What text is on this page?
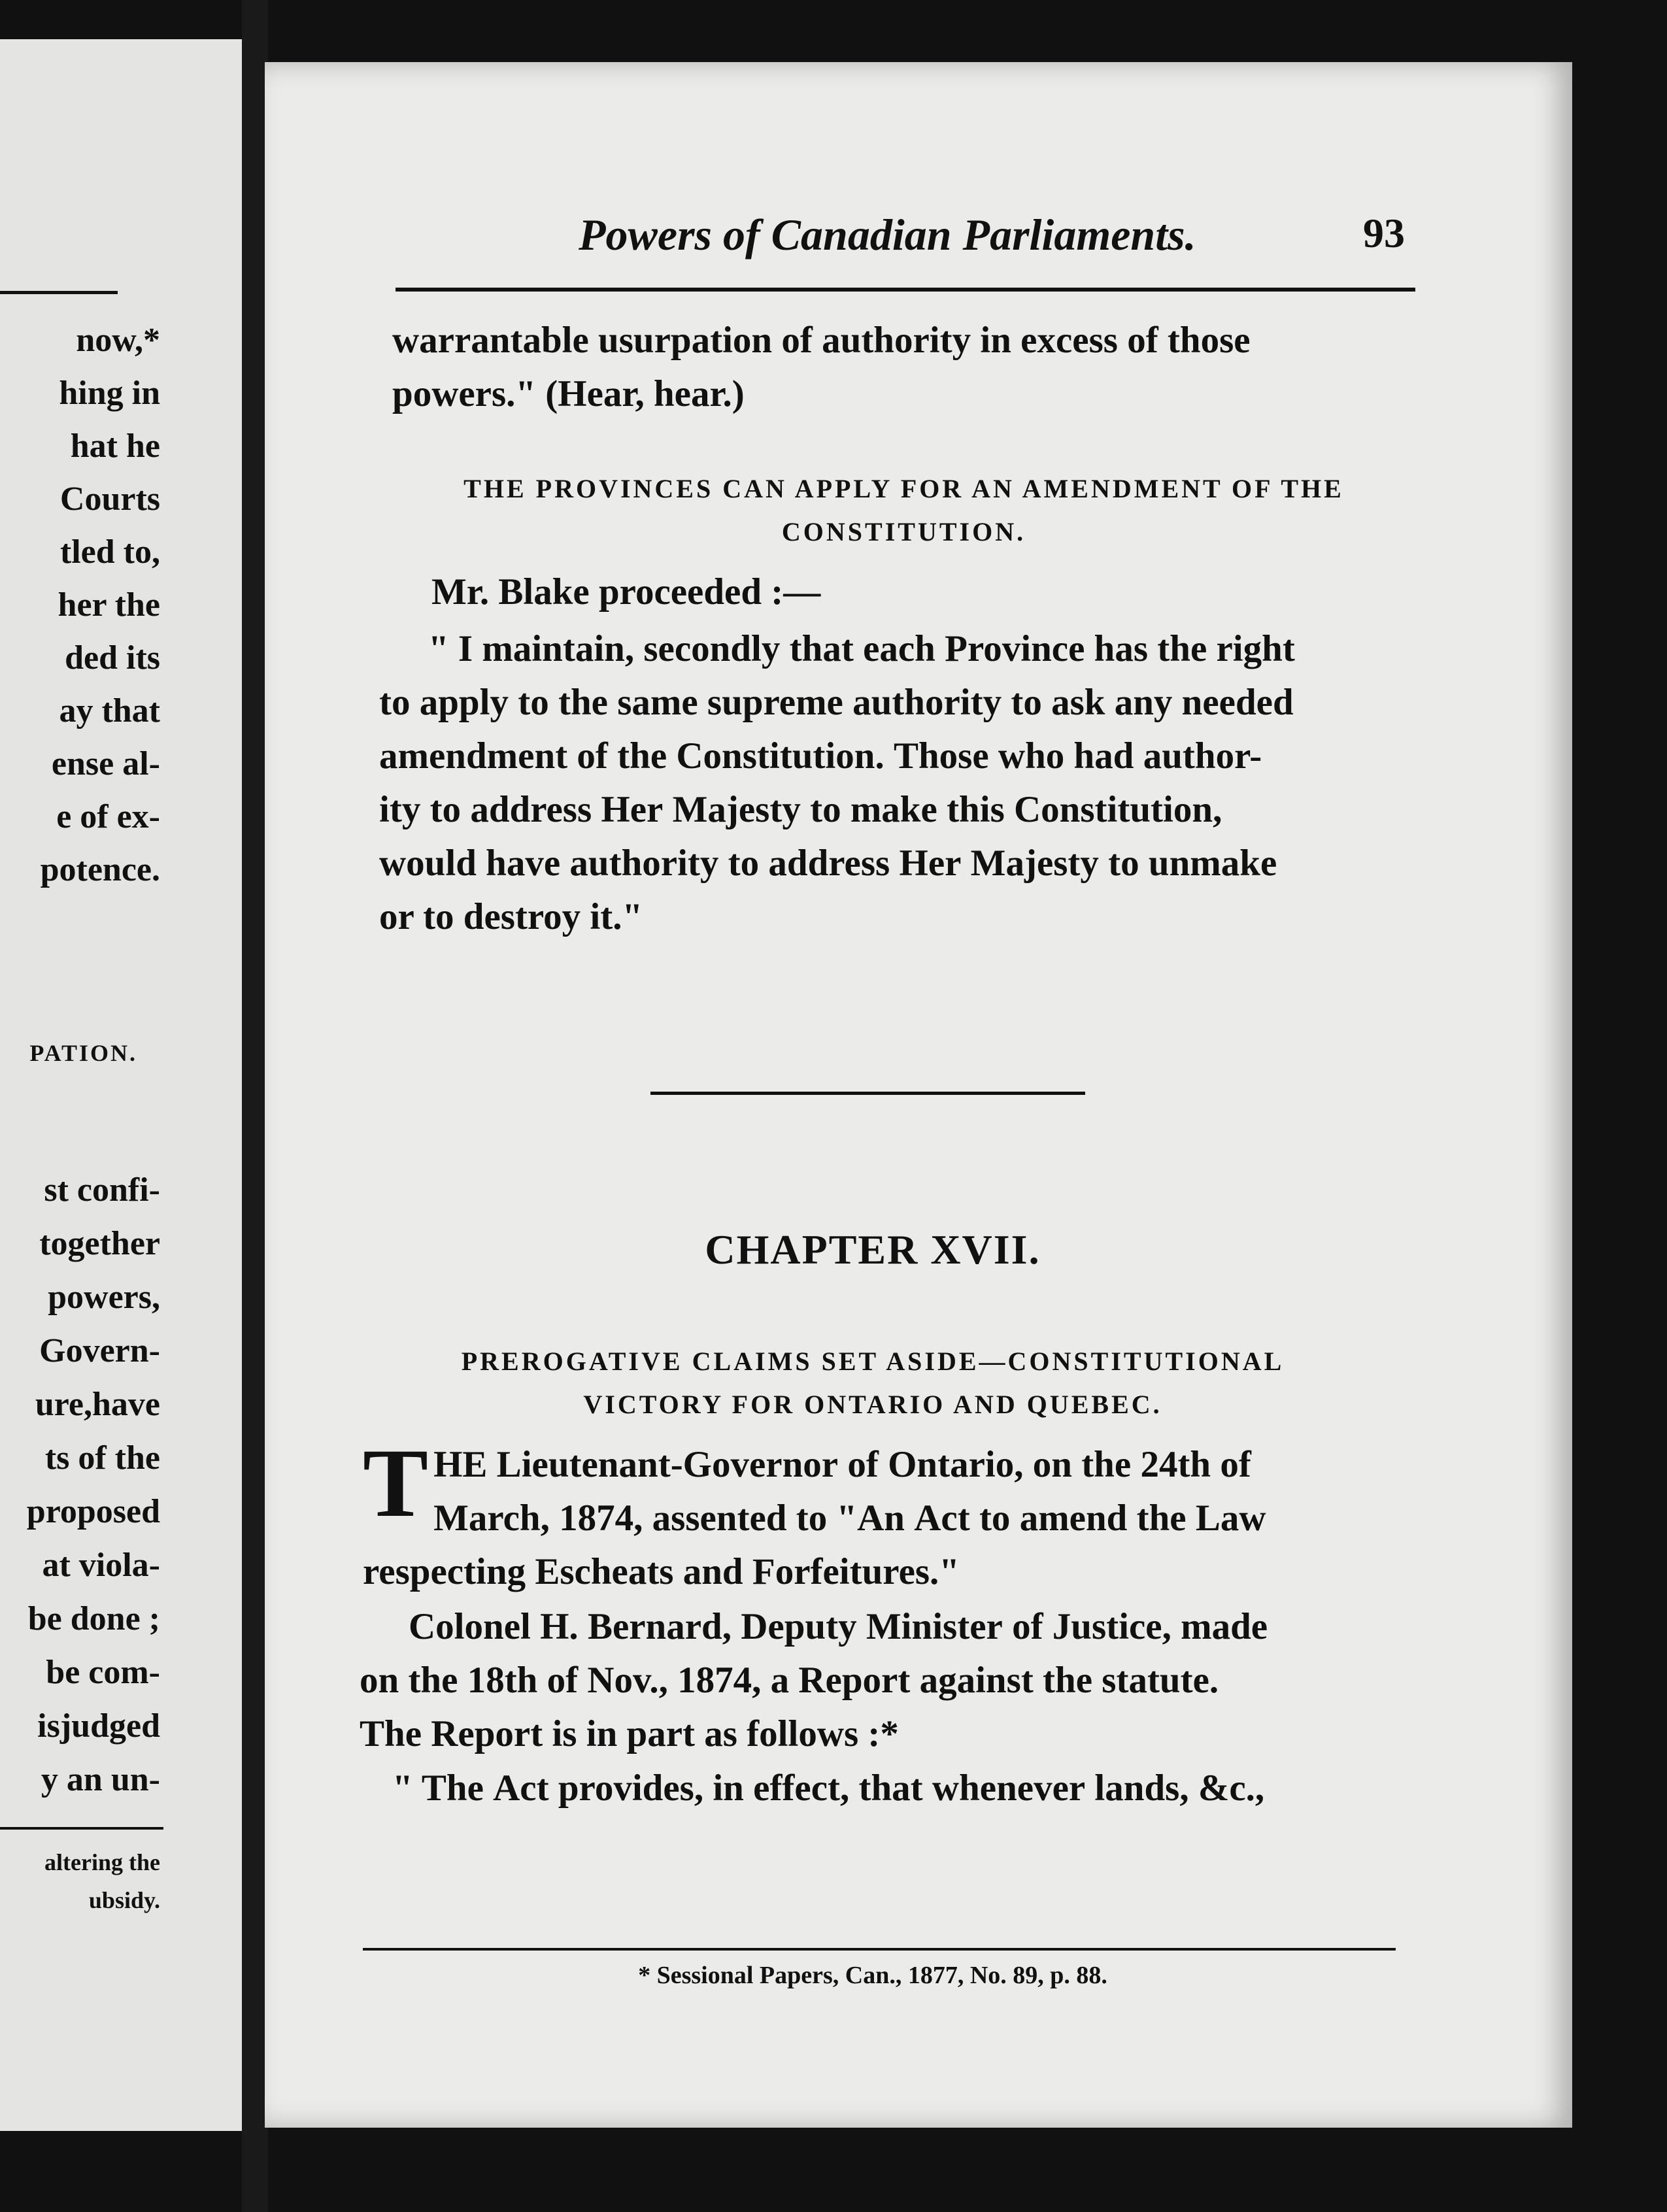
now,*
hing in
hat he
Courts
tled to,
her the
ded its
ay that
ense al-
e of ex-
potence.
PATION.
st confi-
together
powers,
Govern-
ure,have
ts of the
proposed
at viola-
be done ;
be com-
isjudged
y an un-
altering the
ubsidy.
Powers of Canadian Parliaments.	93
warrantable usurpation of authority in excess of those
powers." (Hear, hear.)
THE PROVINCES CAN APPLY FOR AN AMENDMENT OF THE
CONSTITUTION.
Mr. Blake proceeded :—
" I maintain, secondly that each Province has the right
to apply to the same supreme authority to ask any needed
amendment of the Constitution. Those who had author-
ity to address Her Majesty to make this Constitution,
would have authority to address Her Majesty to unmake
or to destroy it."
CHAPTER XVII.
PREROGATIVE CLAIMS SET ASIDE—CONSTITUTIONAL
VICTORY FOR ONTARIO AND QUEBEC.
T HE Lieutenant-Governor of Ontario, on the 24th of
March, 1874, assented to "An Act to amend the Law
respecting Escheats and Forfeitures."
Colonel H. Bernard, Deputy Minister of Justice, made
on the 18th of Nov., 1874, a Report against the statute.
The Report is in part as follows :*
" The Act provides, in effect, that whenever lands, &c.,
* Sessional Papers, Can., 1877, No. 89, p. 88.
